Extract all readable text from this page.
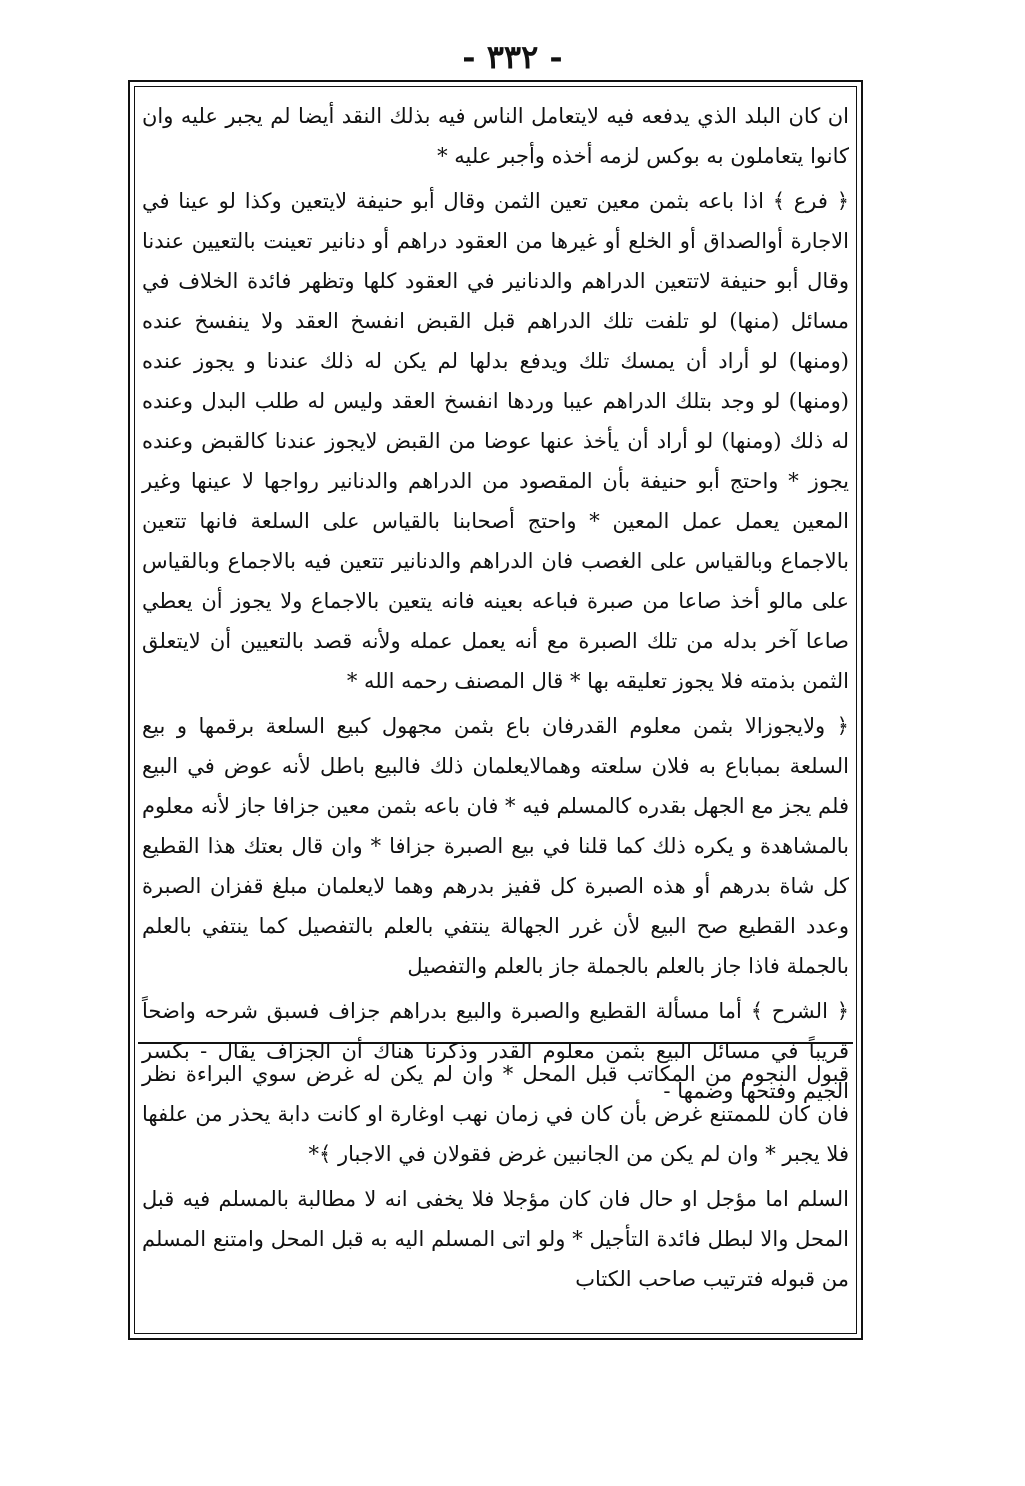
- ٣٣٢ -

ان كان البلد الذي يدفعه فيه لايتعامل الناس فيه بذلك النقد أيضا لم يجبر عليه وان كانوا يتعاملون به بوكس لزمه أخذه وأجبر عليه *

﴿ فرع ﴾ اذا باعه بثمن معين تعين الثمن وقال أبو حنيفة لايتعين وكذا لو عينا في الاجارة أوالصداق أو الخلع أو غيرها من العقود دراهم أو دنانير تعينت بالتعيين عندنا وقال أبو حنيفة لاتتعين الدراهم والدنانير في العقود كلها وتظهر فائدة الخلاف في مسائل (منها) لو تلفت تلك الدراهم قبل القبض انفسخ العقد ولا ينفسخ عنده (ومنها) لو أراد أن يمسك تلك ويدفع بدلها لم يكن له ذلك عندنا و يجوز عنده (ومنها) لو وجد بتلك الدراهم عيبا وردها انفسخ العقد وليس له طلب البدل وعنده له ذلك (ومنها) لو أراد أن يأخذ عنها عوضا من القبض لايجوز عندنا كالقبض وعنده يجوز * واحتج أبو حنيفة بأن المقصود من الدراهم والدنانير رواجها لا عينها وغير المعين يعمل عمل المعين * واحتج أصحابنا بالقياس على السلعة فانها تتعين بالاجماع وبالقياس على الغصب فان الدراهم والدنانير تتعين فيه بالاجماع وبالقياس على مالو أخذ صاعا من صبرة فباعه بعينه فانه يتعين بالاجماع ولا يجوز أن يعطي صاعا آخر بدله من تلك الصبرة مع أنه يعمل عمله ولأنه قصد بالتعيين أن لايتعلق الثمن بذمته فلا يجوز تعليقه بها * قال المصنف رحمه الله *

﴿ ولايجوزالا بثمن معلوم القدرفان باع بثمن مجهول كبيع السلعة برقمها و بيع السلعة بمباباع به فلان سلعته وهمالايعلمان ذلك فالبيع باطل لأنه عوض في البيع فلم يجز مع الجهل بقدره كالمسلم فيه * فان باعه بثمن معين جزافا جاز لأنه معلوم بالمشاهدة و يكره ذلك كما قلنا في بيع الصبرة جزافا * وان قال بعتك هذا القطيع كل شاة بدرهم أو هذه الصبرة كل قفيز بدرهم وهما لايعلمان مبلغ قفزان الصبرة وعدد القطيع صح البيع لأن غرر الجهالة ينتفي بالعلم بالتفصيل كما ينتفي بالعلم بالجملة فاذا جاز بالعلم بالجملة جاز بالعلم والتفصيل

﴿ الشرح ﴾ أما مسألة القطيع والصبرة والبيع بدراهم جزاف فسبق شرحه واضحاً قريباً في مسائل البيع بثمن معلوم القدر وذكرنا هناك أن الجزاف يقال - بكسر الجيم وفتحها وضمها -

قبول النجوم من المكاتب قبل المحل * وان لم يكن له غرض سوي البراءة نظر فان كان للممتنع غرض بأن كان في زمان نهب اوغارة او كانت دابة يحذر من علفها فلا يجبر * وان لم يكن من الجانبين غرض فقولان في الاجبار ﴾*

السلم اما مؤجل او حال فان كان مؤجلا فلا يخفى انه لا مطالبة بالمسلم فيه قبل المحل والا لبطل فائدة التأجيل * ولو اتى المسلم اليه به قبل المحل وامتنع المسلم من قبوله فترتيب صاحب الكتاب
